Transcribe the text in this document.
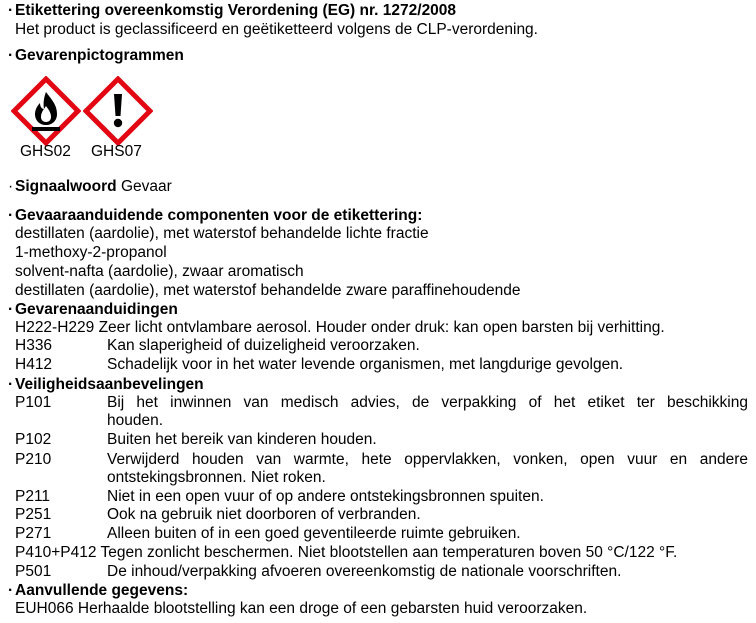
· Etikettering overeenkomstig Verordening (EG) nr. 1272/2008
Het product is geclassificeerd en geëtiketteerd volgens de CLP-verordening.
· Gevarenpictogrammen
GHS02 GHS07
· Signaalwoord Gevaar
· Gevaaraanduidende componenten voor de etikettering:
destillaten (aardolie), met waterstof behandelde lichte fractie
1-methoxy-2-propanol
solvent-nafta (aardolie), zwaar aromatisch
destillaten (aardolie), met waterstof behandelde zware paraffinehoudende
· Gevarenaanduidingen
H222-H229 Zeer licht ontvlambare aerosol. Houder onder druk: kan open barsten bij verhitting.
H336	Kan slaperigheid of duizeligheid veroorzaken.
H412	Schadelijk voor in het water levende organismen, met langdurige gevolgen.
· Veiligheidsaanbevelingen
P101	Bij het inwinnen van medisch advies, de verpakking of het etiket ter beschikking
houden.
P102	Buiten het bereik van kinderen houden.
P210	Verwijderd houden van warmte, hete oppervlakken, vonken, open vuur en andere
ontstekingsbronnen. Niet roken.
P211	Niet in een open vuur of op andere ontstekingsbronnen spuiten.
P251	Ook na gebruik niet doorboren of verbranden.
P271	Alleen buiten of in een goed geventileerde ruimte gebruiken.
P410+P412 Tegen zonlicht beschermen. Niet blootstellen aan temperaturen boven 50 °C/122 °F.
P501	De inhoud/verpakking afvoeren overeenkomstig de nationale voorschriften.
· Aanvullende gegevens:
EUH066 Herhaalde blootstelling kan een droge of een gebarsten huid veroorzaken.
